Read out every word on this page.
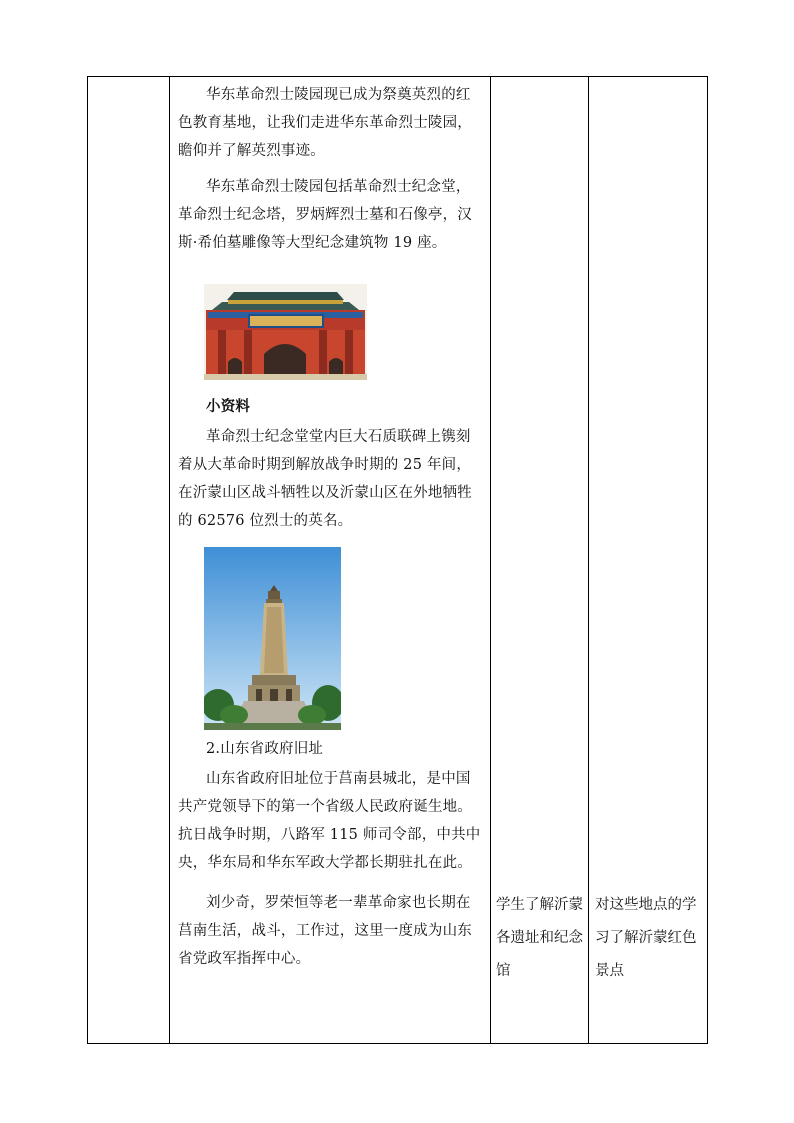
华东革命烈士陵园现已成为祭奠英烈的红色教育基地，让我们走进华东革命烈士陵园，瞻仰并了解英烈事迹。
华东革命烈士陵园包括革命烈士纪念堂，革命烈士纪念塔，罗炳辉烈士墓和石像亭，汉斯·希伯墓雕像等大型纪念建筑物 19 座。
小资料
革命烈士纪念堂堂内巨大石质联碑上镌刻着从大革命时期到解放战争时期的 25 年间，在沂蒙山区战斗牺牲以及沂蒙山区在外地牺牲的 62576 位烈士的英名。
2.山东省政府旧址
山东省政府旧址位于莒南县城北，是中国共产党领导下的第一个省级人民政府诞生地。抗日战争时期，八路军 115 师司令部，中共中央，华东局和华东军政大学都长期驻扎在此。
刘少奇，罗荣恒等老一辈革命家也长期在莒南生活，战斗，工作过，这里一度成为山东省党政军指挥中心。
学生了解沂蒙各遗址和纪念馆
对这些地点的学习了解沂蒙红色景点
